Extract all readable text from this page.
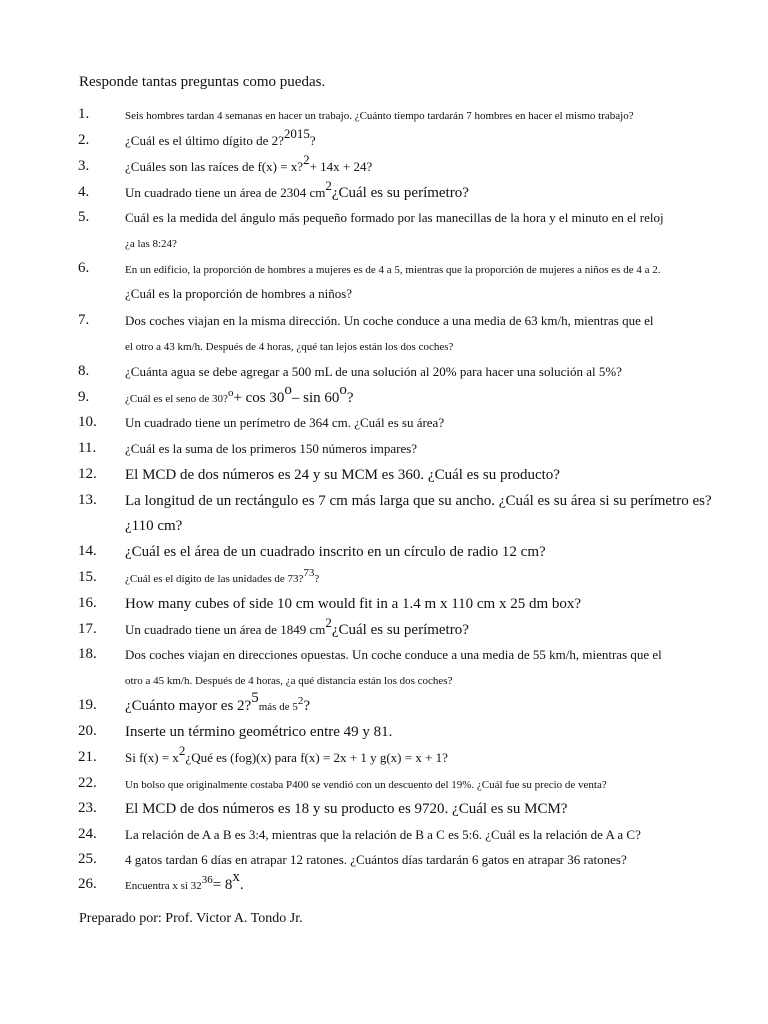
Responde tantas preguntas como puedas.
1.	Seis hombres tardan 4 semanas en hacer un trabajo. ¿Cuánto tiempo tardarán 7 hombres en hacer el mismo trabajo?
2.	¿Cuál es el último dígito de 2?$^{2015}$?
3.	¿Cuáles son las raíces de f(x) = x?$^2$+ 14x + 24?
4.	Un cuadrado tiene un área de 2304 $cm^2¿Cuál$ es su perímetro?
5.	Cuál es la medida del ángulo más pequeño formado por las manecillas de la hora y el minuto en el reloj
¿a las 8:24?
6.	En un edificio, la proporción de hombres a mujeres es de 4 a 5, mientras que la proporción de mujeres a niños es de 4 a 2.
¿Cuál es la proporción de hombres a niños?
7.	Dos coches viajan en la misma dirección. Un coche conduce a una media de 63 km/h, mientras que el
el otro a 43 km/h. Después de 4 horas, ¿qué tan lejos están los dos coches?
8.	¿Cuánta agua se debe agregar a 500 mL de una solución al 20% para hacer una solución al 5%?
9.	¿Cuál es el seno de 30?$^o$+ cos 30$^o$– sin 60$^o$?
10. Un cuadrado tiene un perímetro de 364 cm. ¿Cuál es su área?
11. ¿Cuál es la suma de los primeros 150 números impares?
12. El MCD de dos números es 24 y su MCM es 360. ¿Cuál es su producto?
13. La longitud de un rectángulo es 7 cm más larga que su ancho. ¿Cuál es su área si su perímetro es?
¿110 cm?
14. ¿Cuál es el área de un cuadrado inscrito en un círculo de radio 12 cm?
15.	¿Cuál es el dígito de las unidades de 73?$^{73}$?
16. How many cubes of side 10 cm would fit in a 1.4 m x 110 cm x 25 dm box?
17. Un cuadrado tiene un área de 1849 $cm^2¿Cuál$ es su perímetro?
18. Dos coches viajan en direcciones opuestas. Un coche conduce a una media de 55 km/h, mientras que el
otro a 45 km/h. Después de 4 horas, ¿a qué distancia están los dos coches?
19. ¿Cuánto mayor es 2?$^5$más de $5^2$?
20. Inserte un término geométrico entre 49 y 81.
21. Si $f(x) = x^2¿Qué$ es (fog)(x) para f(x) = 2x + 1 y g(x) = x + 1?
22.	Un bolso que originalmente costaba P400 se vendió con un descuento del 19%. ¿Cuál fue su precio de venta?
23. El MCD de dos números es 18 y su producto es 9720. ¿Cuál es su MCM?
24. La relación de A a B es 3:4, mientras que la relación de B a C es 5:6. ¿Cuál es la relación de A a C?
25. 4 gatos tardan 6 días en atrapar 12 ratones. ¿Cuántos días tardarán 6 gatos en atrapar 36 ratones?
26.	Encuentra x si $32^{36}= 8^x$.
Preparado por: Prof. Victor A. Tondo Jr.
